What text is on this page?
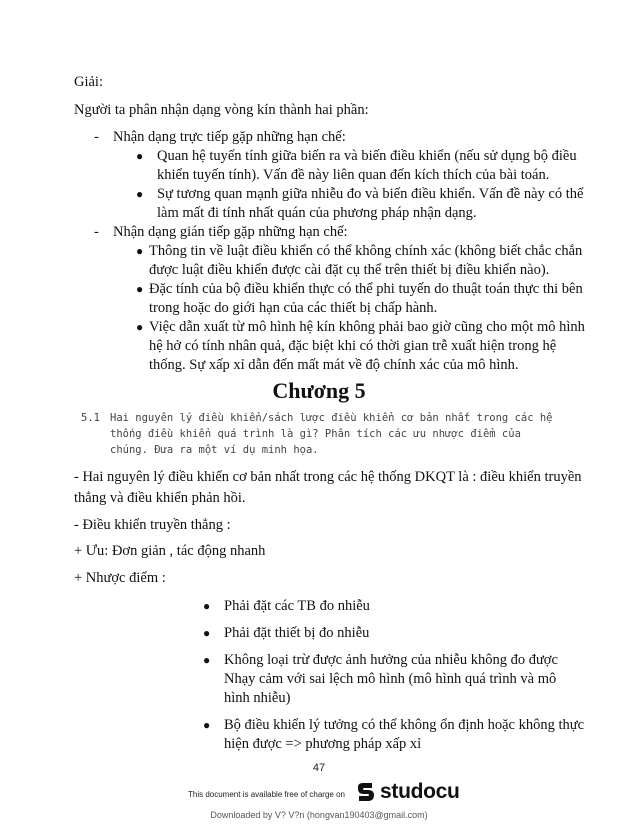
Giải:
Người ta phân nhận dạng vòng kín thành hai phần:
- Nhận dạng trực tiếp gặp những hạn chế:
● Quan hệ tuyến tính giữa biến ra và biến điều khiển (nếu sử dụng bộ điều
khiển tuyến tính). Vấn đề này liên quan đến kích thích của bài toán.
● Sự tương quan mạnh giữa nhiễu đo và biến điều khiển. Vấn đề này có thể
làm mất đi tính nhất quán của phương pháp nhận dạng.
- Nhận dạng gián tiếp gặp những hạn chế:
● Thông tin về luật điều khiển có thể không chính xác (không biết chắc chắn
được luật điều khiển được cài đặt cụ thể trên thiết bị điều khiển nào).
● Đặc tính của bộ điều khiển thực có thể phi tuyến do thuật toán thực thi bên
trong hoặc do giới hạn của các thiết bị chấp hành.
● Việc dẫn xuất từ mô hình hệ kín không phải bao giờ cũng cho một mô hình
hệ hở có tính nhân quả, đặc biệt khi có thời gian trễ xuất hiện trong hệ
thống. Sự xấp xỉ dẫn đến mất mát về độ chính xác của mô hình.
Chương 5
5.1 Hai nguyên lý điều khiển/sách lược điều khiển cơ bản nhất trong các hệ thống điều khiển quá trình là gì? Phân tích các ưu nhược điểm của chúng. Đưa ra một ví dụ minh họa.
- Hai nguyên lý điều khiển cơ bản nhất trong các hệ thống DKQT là : điều khiển truyền
thẳng và điều khiển phản hồi.
- Điều khiển truyền thẳng :
+ Ưu: Đơn giản , tác động nhanh
+ Nhược điểm :
● Phải đặt các TB đo nhiễu
● Phải đặt thiết bị đo nhiễu
● Không loại trừ được ảnh hưởng của nhiễu không đo được
Nhạy cảm với sai lệch mô hình (mô hình quá trình và mô
hình nhiễu)
● Bộ điều khiển lý tưởng có thể không ổn định hoặc không thực
hiện được => phương pháp xấp xỉ
47
This document is available free of charge on studocu
Downloaded by V? V?n (hongvan190403@gmail.com)
